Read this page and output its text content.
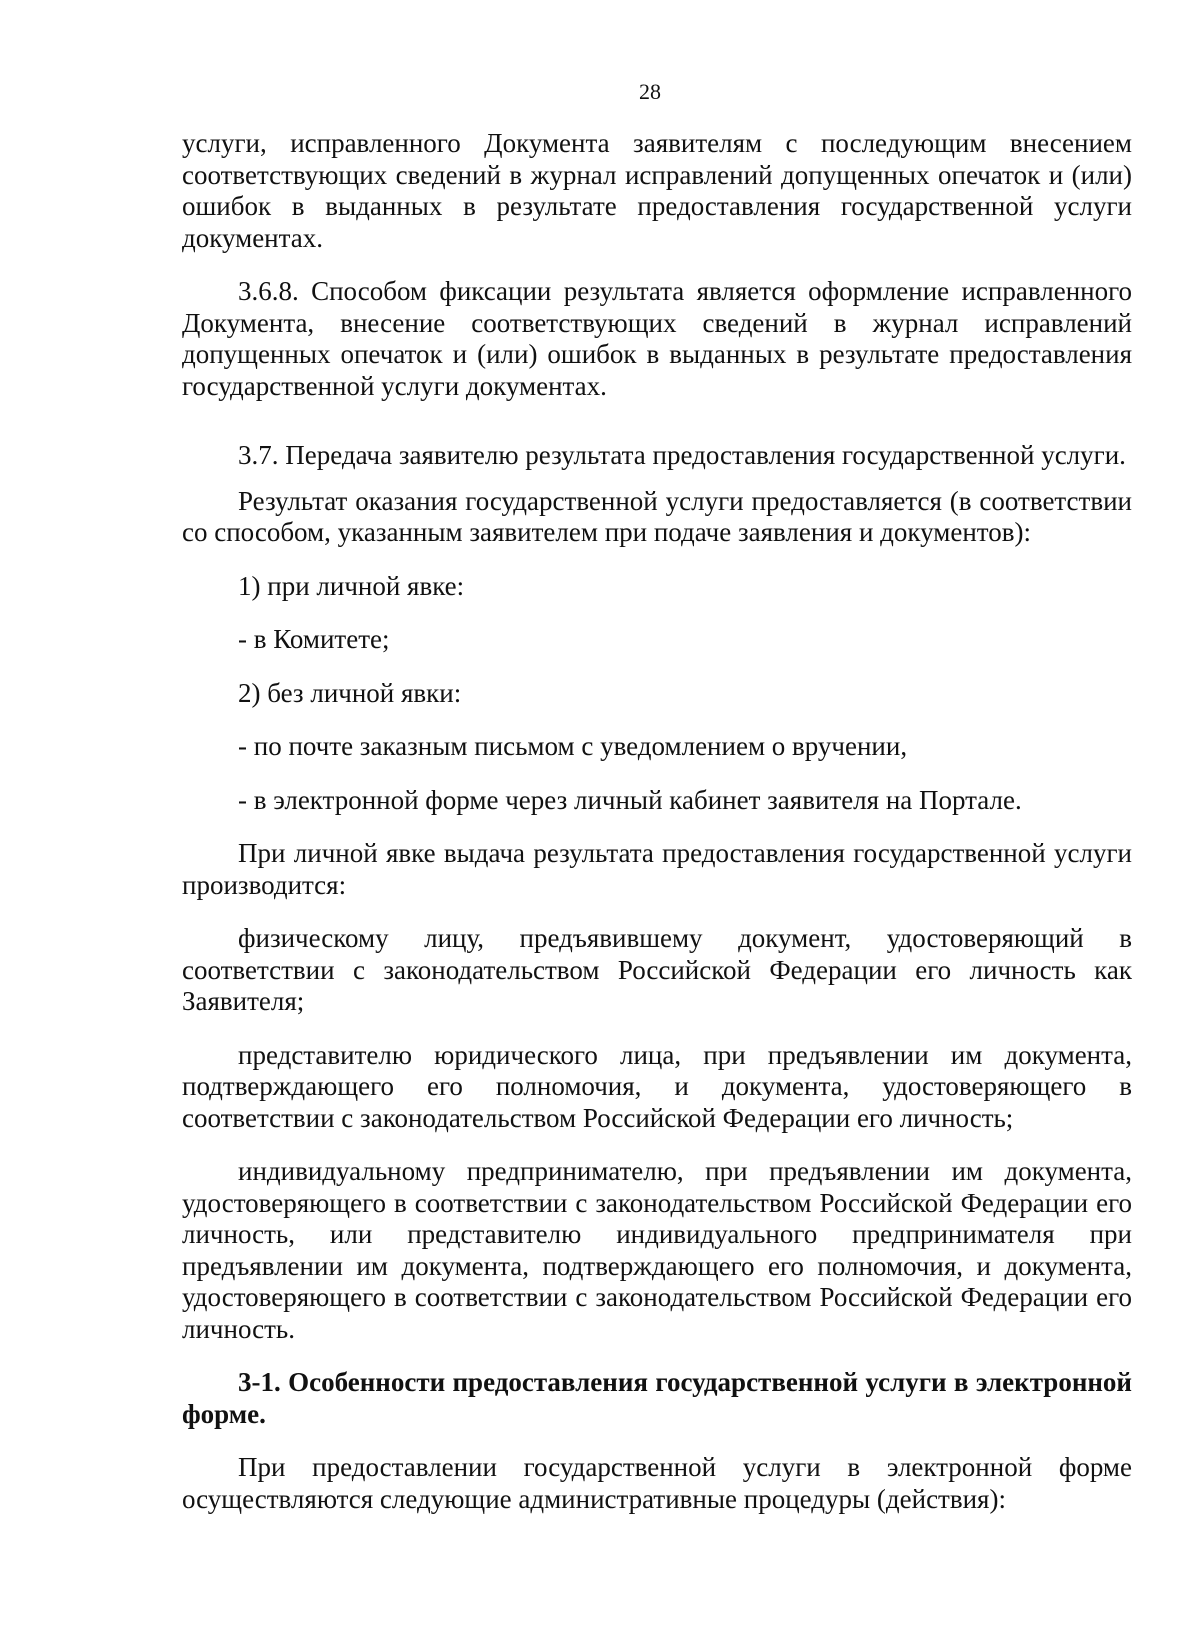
28

услуги, исправленного Документа заявителям с последующим внесением соответствующих сведений в журнал исправлений допущенных опечаток и (или) ошибок в выданных в результате предоставления государственной услуги документах.

3.6.8. Способом фиксации результата является оформление исправленного Документа, внесение соответствующих сведений в журнал исправлений допущенных опечаток и (или) ошибок в выданных в результате предоставления государственной услуги документах.

3.7. Передача заявителю результата предоставления государственной услуги.

Результат оказания государственной услуги предоставляется (в соответствии со способом, указанным заявителем при подаче заявления и документов):

1) при личной явке:

- в Комитете;

2) без личной явки:

- по почте заказным письмом с уведомлением о вручении,

- в электронной форме через личный кабинет заявителя на Портале.

При личной явке выдача результата предоставления государственной услуги производится:

физическому лицу, предъявившему документ, удостоверяющий в соответствии с законодательством Российской Федерации его личность как Заявителя;

представителю юридического лица, при предъявлении им документа, подтверждающего его полномочия, и документа, удостоверяющего в соответствии с законодательством Российской Федерации его личность;

индивидуальному предпринимателю, при предъявлении им документа, удостоверяющего в соответствии с законодательством Российской Федерации его личность, или представителю индивидуального предпринимателя при предъявлении им документа, подтверждающего его полномочия, и документа, удостоверяющего в соответствии с законодательством Российской Федерации его личность.

3-1. Особенности предоставления государственной услуги в электронной форме.

При предоставлении государственной услуги в электронной форме осуществляются следующие административные процедуры (действия):
